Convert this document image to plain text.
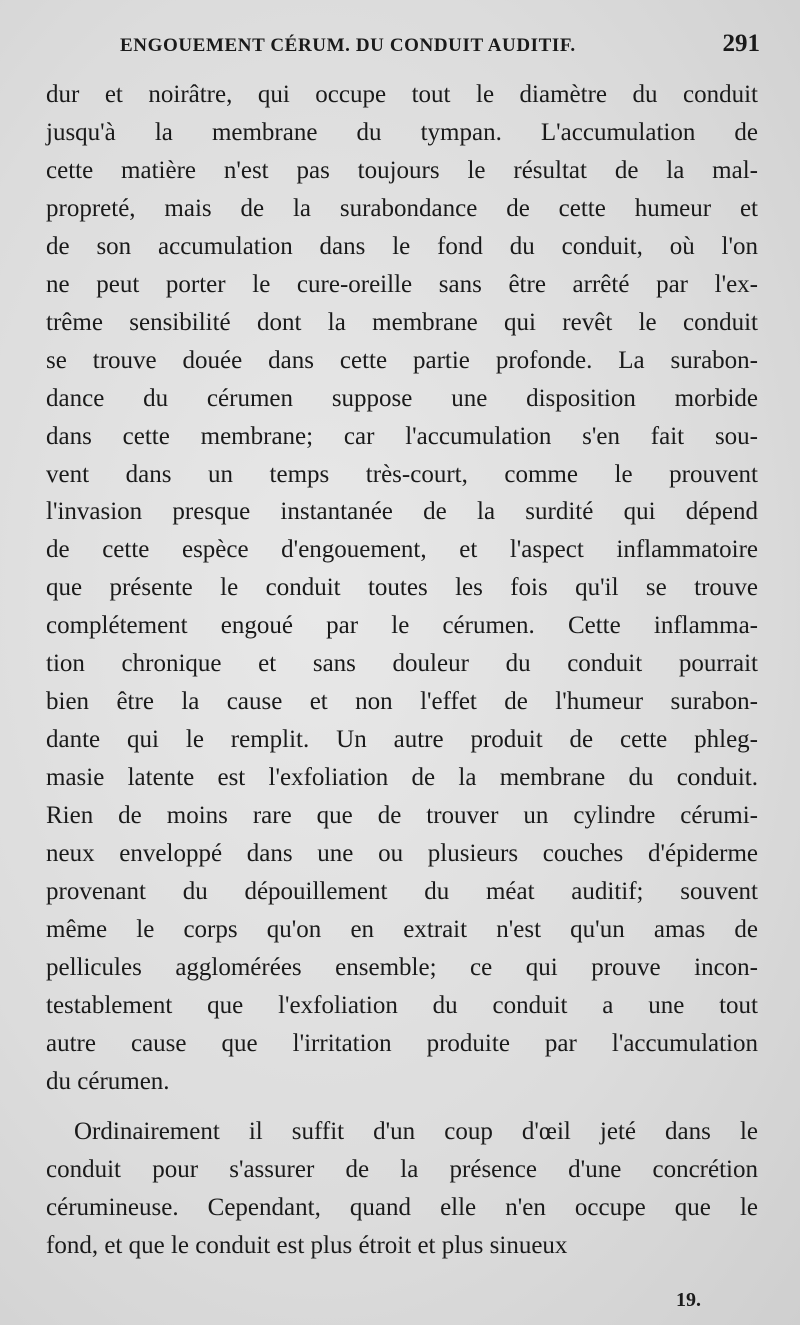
ENGOUEMENT CÉRUM. DU CONDUIT AUDITIF.	291

dur et noirâtre, qui occupe tout le diamètre du conduit
jusqu'à la membrane du tympan. L'accumulation de
cette matière n'est pas toujours le résultat de la mal-
propreté, mais de la surabondance de cette humeur et
de son accumulation dans le fond du conduit, où l'on
ne peut porter le cure-oreille sans être arrêté par l'ex-
trême sensibilité dont la membrane qui revêt le conduit
se trouve douée dans cette partie profonde. La surabon-
dance du cérumen suppose une disposition morbide
dans cette membrane; car l'accumulation s'en fait sou-
vent dans un temps très-court, comme le prouvent
l'invasion presque instantanée de la surdité qui dépend
de cette espèce d'engouement, et l'aspect inflammatoire
que présente le conduit toutes les fois qu'il se trouve
complétement engoué par le cérumen. Cette inflamma-
tion chronique et sans douleur du conduit pourrait
bien être la cause et non l'effet de l'humeur surabon-
dante qui le remplit. Un autre produit de cette phleg-
masie latente est l'exfoliation de la membrane du conduit.
Rien de moins rare que de trouver un cylindre cérumi-
neux enveloppé dans une ou plusieurs couches d'épiderme
provenant du dépouillement du méat auditif; souvent
même le corps qu'on en extrait n'est qu'un amas de
pellicules agglomérées ensemble; ce qui prouve incon-
testablement que l'exfoliation du conduit a une tout
autre cause que l'irritation produite par l'accumulation
du cérumen.

Ordinairement il suffit d'un coup d'œil jeté dans le
conduit pour s'assurer de la présence d'une concrétion
cérumineuse. Cependant, quand elle n'en occupe que le
fond, et que le conduit est plus étroit et plus sinueux

19.
